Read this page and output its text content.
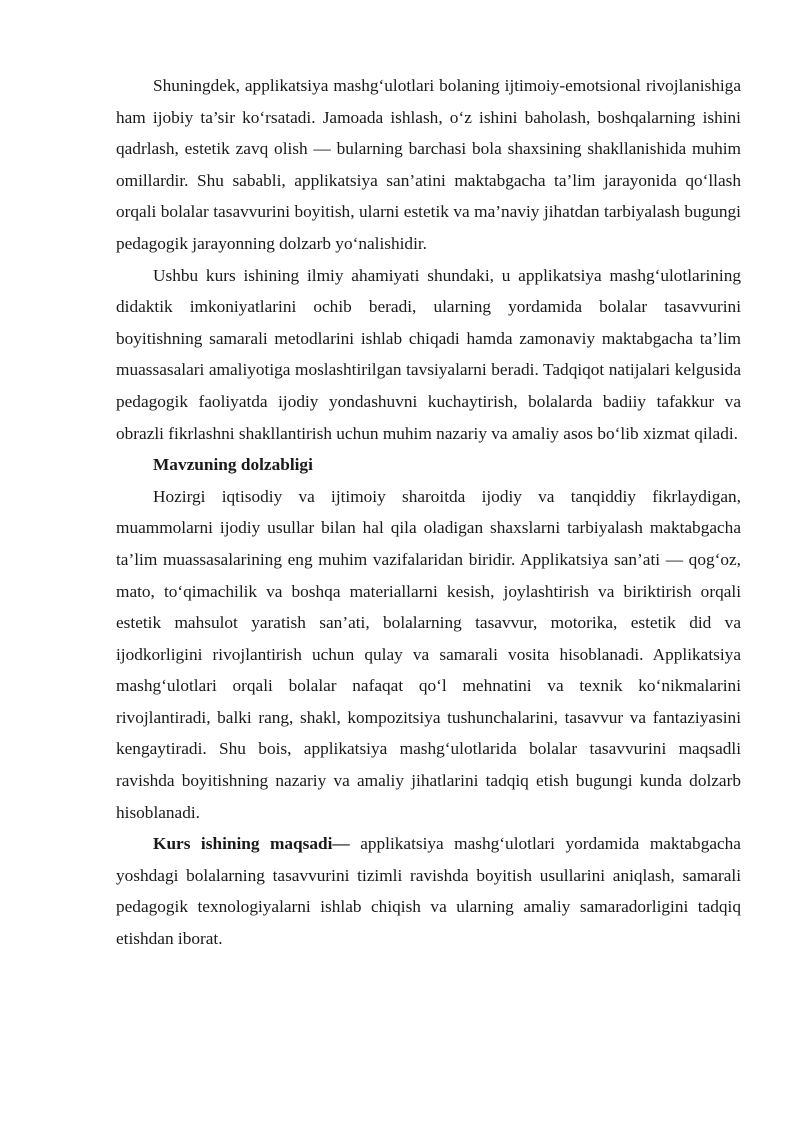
Shuningdek, applikatsiya mashg‘ulotlari bolaning ijtimoiy-emotsional rivojlanishiga ham ijobiy ta’sir ko‘rsatadi. Jamoada ishlash, o‘z ishini baholash, boshqalarning ishini qadrlash, estetik zavq olish — bularning barchasi bola shaxsining shakllanishida muhim omillardir. Shu sababli, applikatsiya san’atini maktabgacha ta’lim jarayonida qo‘llash orqali bolalar tasavvurini boyitish, ularni estetik va ma’naviy jihatdan tarbiyalash bugungi pedagogik jarayonning dolzarb yo‘nalishidir.

Ushbu kurs ishining ilmiy ahamiyati shundaki, u applikatsiya mashg‘ulotlarining didaktik imkoniyatlarini ochib beradi, ularning yordamida bolalar tasavvurini boyitishning samarali metodlarini ishlab chiqadi hamda zamonaviy maktabgacha ta’lim muassasalari amaliyotiga moslashtirilgan tavsiyalarni beradi. Tadqiqot natijalari kelgusida pedagogik faoliyatda ijodiy yondashuvni kuchaytirish, bolalarda badiiy tafakkur va obrazli fikrlashni shakllantirish uchun muhim nazariy va amaliy asos bo‘lib xizmat qiladi.

Mavzuning dolzabligi

Hozirgi iqtisodiy va ijtimoiy sharoitda ijodiy va tanqiddiy fikrlaydigan, muammolarni ijodiy usullar bilan hal qila oladigan shaxslarni tarbiyalash maktabgacha ta’lim muassasalarining eng muhim vazifalaridan biridir. Applikatsiya san’ati — qog‘oz, mato, to‘qimachilik va boshqa materiallarni kesish, joylashtirish va biriktirish orqali estetik mahsulot yaratish san’ati, bolalarning tasavvur, motorika, estetik did va ijodkorligini rivojlantirish uchun qulay va samarali vosita hisoblanadi. Applikatsiya mashg‘ulotlari orqali bolalar nafaqat qo‘l mehnatini va texnik ko‘nikmalarini rivojlantiradi, balki rang, shakl, kompozitsiya tushunchalarini, tasavvur va fantaziyasini kengaytiradi. Shu bois, applikatsiya mashg‘ulotlarida bolalar tasavvurini maqsadli ravishda boyitishning nazariy va amaliy jihatlarini tadqiq etish bugungi kunda dolzarb hisoblanadi.

Kurs ishining maqsadi— applikatsiya mashg‘ulotlari yordamida maktabgacha yoshdagi bolalarning tasavvurini tizimli ravishda boyitish usullarini aniqlash, samarali pedagogik texnologiyalarni ishlab chiqish va ularning amaliy samaradorligini tadqiq etishdan iborat.
